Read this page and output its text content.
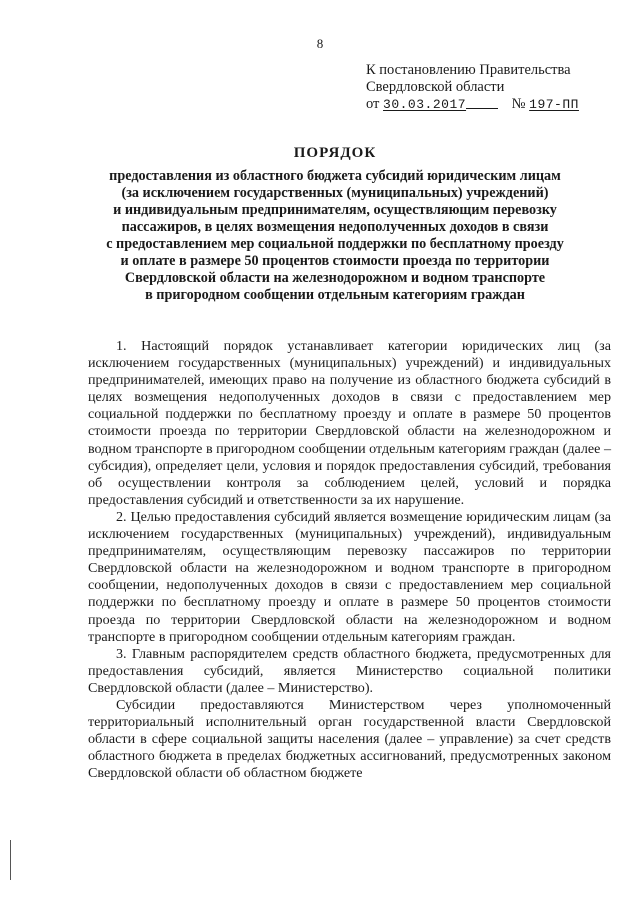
8
К постановлению Правительства
Свердловской области
от 30.03.2017	№ 197-ПП
ПОРЯДОК
предоставления из областного бюджета субсидий юридическим лицам
(за исключением государственных (муниципальных) учреждений)
и индивидуальным предпринимателям, осуществляющим перевозку
пассажиров, в целях возмещения недополученных доходов в связи
с предоставлением мер социальной поддержки по бесплатному проезду
и оплате в размере 50 процентов стоимости проезда по территории
Свердловской области на железнодорожном и водном транспорте
в пригородном сообщении отдельным категориям граждан

1. Настоящий порядок устанавливает категории юридических лиц (за исключением государственных (муниципальных) учреждений) и индивидуальных предпринимателей, имеющих право на получение из областного бюджета субсидий в целях возмещения недополученных доходов в связи с предоставлением мер социальной поддержки по бесплатному проезду и оплате в размере 50 процентов стоимости проезда по территории Свердловской области на железнодорожном и водном транспорте в пригородном сообщении отдельным категориям граждан (далее – субсидия), определяет цели, условия и порядок предоставления субсидий, требования об осуществлении контроля за соблюдением целей, условий и порядка предоставления субсидий и ответственности за их нарушение.

2. Целью предоставления субсидий является возмещение юридическим лицам (за исключением государственных (муниципальных) учреждений), индивидуальным предпринимателям, осуществляющим перевозку пассажиров по территории Свердловской области на железнодорожном и водном транспорте в пригородном сообщении, недополученных доходов в связи с предоставлением мер социальной поддержки по бесплатному проезду и оплате в размере 50 процентов стоимости проезда по территории Свердловской области на железнодорожном и водном транспорте в пригородном сообщении отдельным категориям граждан.

3. Главным распорядителем средств областного бюджета, предусмотренных для предоставления субсидий, является Министерство социальной политики Свердловской области (далее – Министерство).

Субсидии предоставляются Министерством через уполномоченный территориальный исполнительный орган государственной власти Свердловской области в сфере социальной защиты населения (далее – управление) за счет средств областного бюджета в пределах бюджетных ассигнований, предусмотренных законом Свердловской области об областном бюджете
